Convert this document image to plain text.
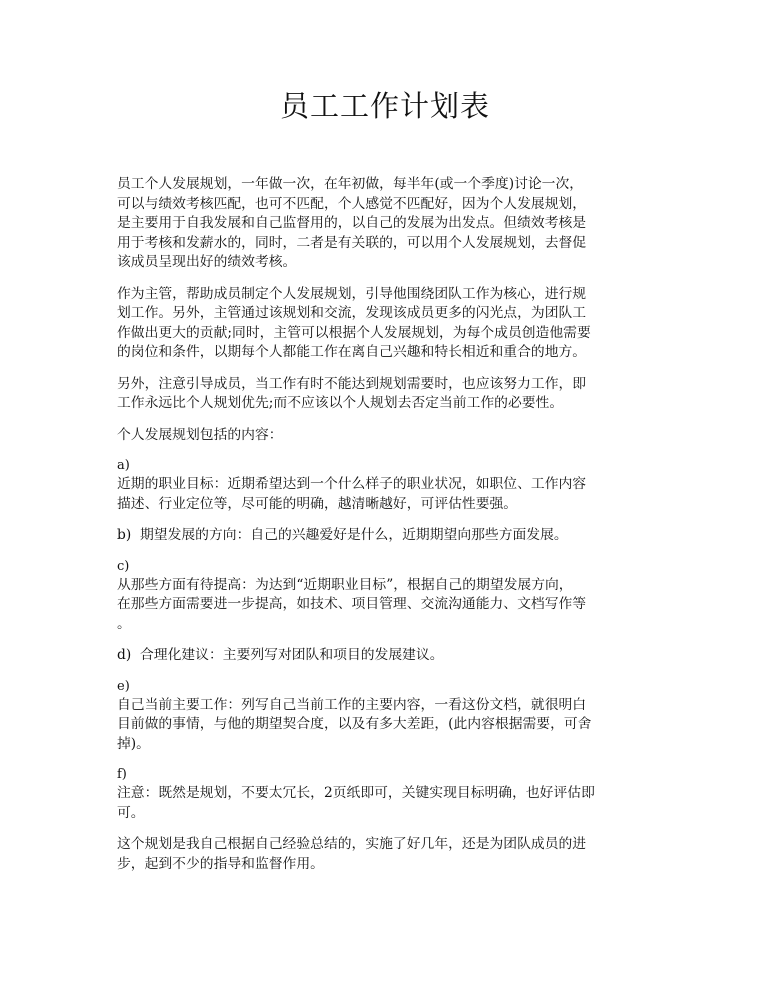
员工工作计划表
员工个人发展规划，一年做一次，在年初做，每半年(或一个季度)讨论一次，
可以与绩效考核匹配，也可不匹配，个人感觉不匹配好，因为个人发展规划，
是主要用于自我发展和自己监督用的，以自己的发展为出发点。但绩效考核是
用于考核和发薪水的，同时，二者是有关联的，可以用个人发展规划，去督促
该成员呈现出好的绩效考核。
作为主管，帮助成员制定个人发展规划，引导他围绕团队工作为核心，进行规
划工作。另外，主管通过该规划和交流，发现该成员更多的闪光点，为团队工
作做出更大的贡献;同时，主管可以根据个人发展规划，为每个成员创造他需要
的岗位和条件，以期每个人都能工作在离自己兴趣和特长相近和重合的地方。
另外，注意引导成员，当工作有时不能达到规划需要时，也应该努力工作，即
工作永远比个人规划优先;而不应该以个人规划去否定当前工作的必要性。
个人发展规划包括的内容：
a)
近期的职业目标：近期希望达到一个什么样子的职业状况，如职位、工作内容
描述、行业定位等，尽可能的明确，越清晰越好，可评估性要强。
b) 期望发展的方向：自己的兴趣爱好是什么，近期期望向那些方面发展。
c)
从那些方面有待提高：为达到“近期职业目标”，根据自己的期望发展方向，
在那些方面需要进一步提高，如技术、项目管理、交流沟通能力、文档写作等
。
d) 合理化建议：主要列写对团队和项目的发展建议。
e)
自己当前主要工作：列写自己当前工作的主要内容，一看这份文档，就很明白
目前做的事情，与他的期望契合度，以及有多大差距，(此内容根据需要，可舍
掉)。
f)
注意：既然是规划，不要太冗长，2页纸即可，关键实现目标明确，也好评估即
可。
这个规划是我自己根据自己经验总结的，实施了好几年，还是为团队成员的进
步，起到不少的指导和监督作用。
